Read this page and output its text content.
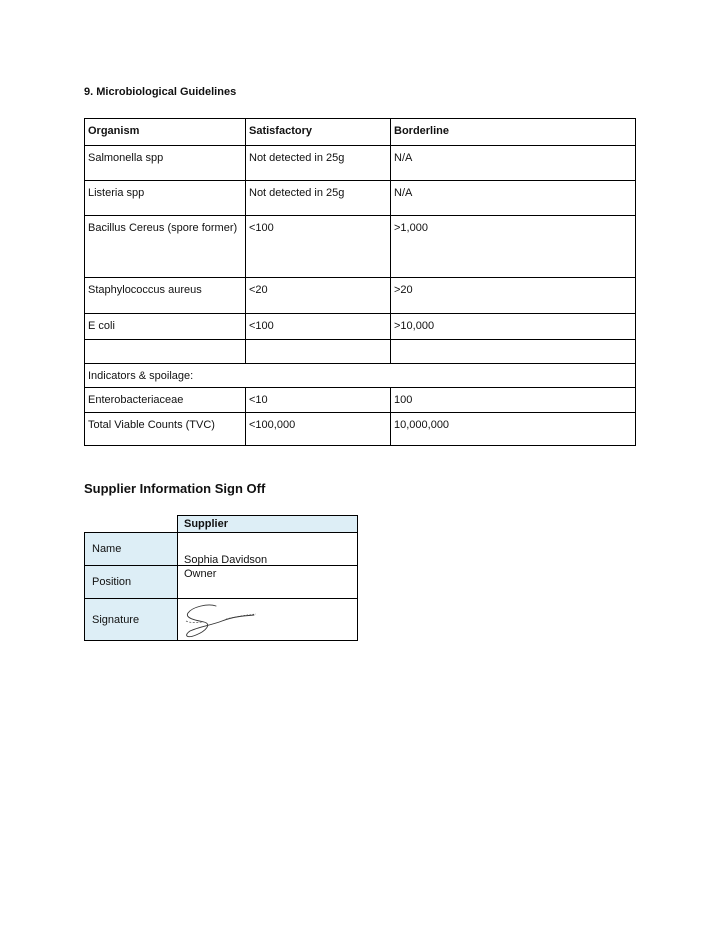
9. Microbiological Guidelines
Organism	Satisfactory	Borderline
Salmonella spp	Not detected in 25g	N/A
Listeria spp	Not detected in 25g	N/A
Bacillus Cereus (spore former)	<100	>1,000
Staphylococcus aureus	<20	>20
E coli	<100	>10,000

Indicators & spoilage:		
Enterobacteriaceae	<10	100
Total Viable Counts (TVC)	<100,000	10,000,000
Supplier Information Sign Off
	Supplier
Name	Sophia Davidson

Position	Owner
Signature	
